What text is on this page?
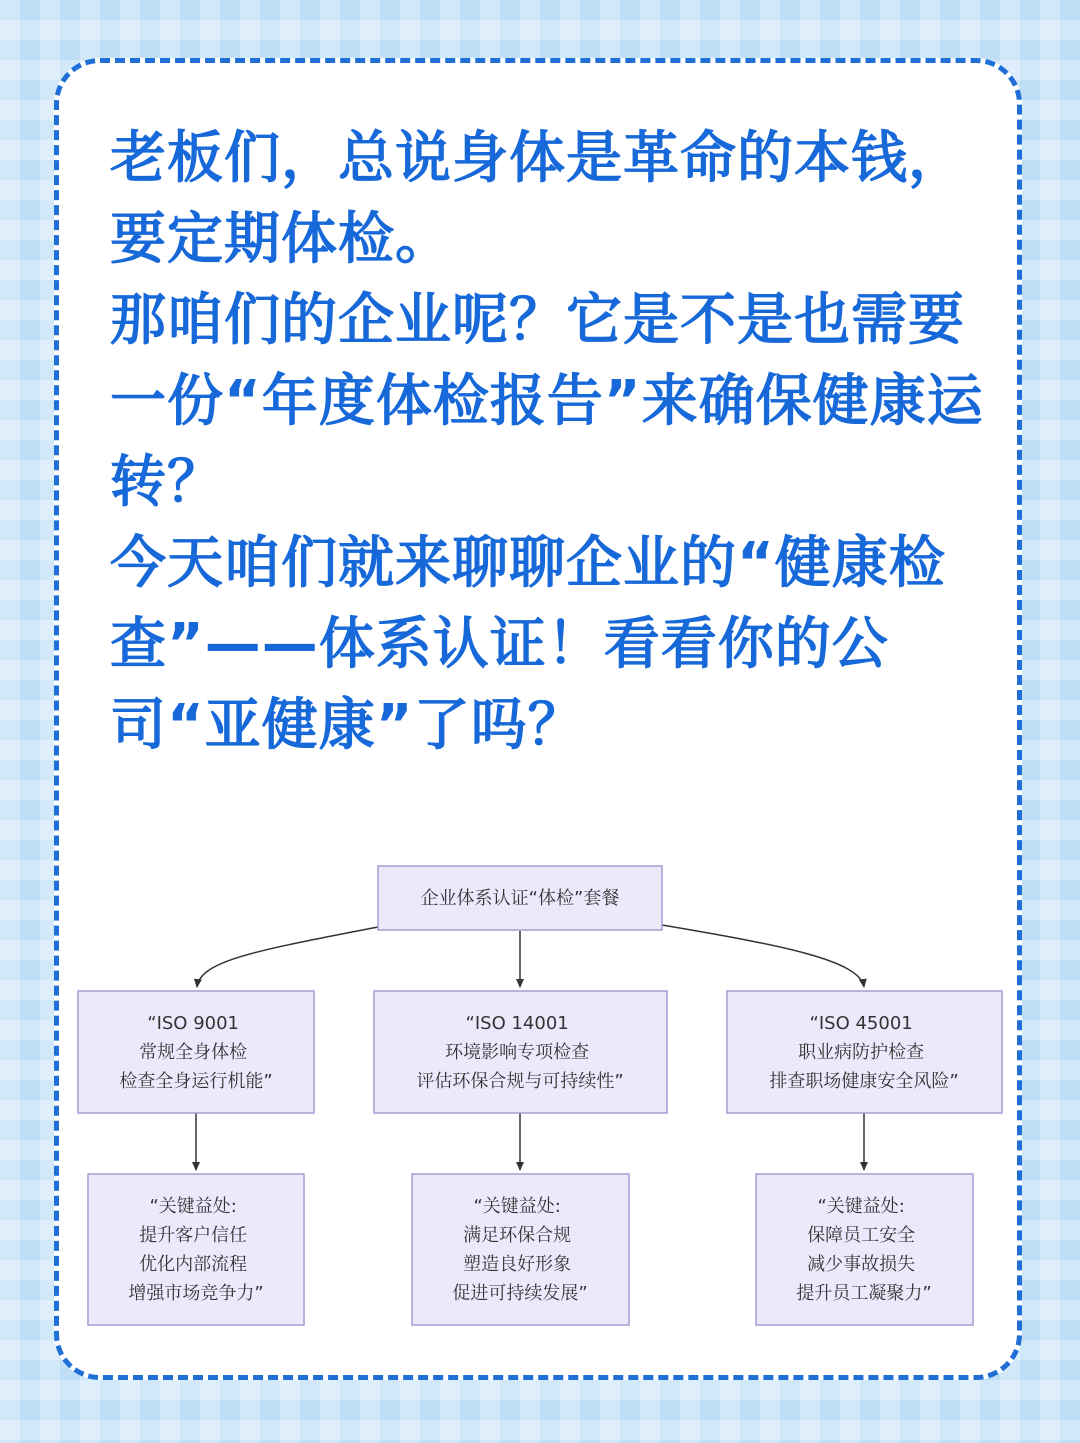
老板们，总说身体是革命的本钱，要定期体检。

那咱们的企业呢？它是不是也需要一份“年度体检报告”来确保健康运转？

今天咱们就来聊聊企业的“健康检查”——体系认证！看看你的公司“亚健康”了吗？

企业体系认证“体检”套餐
“ISO 9001 常规全身体检 检查全身运行机能”
“ISO 14001 环境影响专项检查 评估环保合规与可持续性”
“ISO 45001 职业病防护检查 排查职场健康安全风险”
“关键益处: 提升客户信任 优化内部流程 增强市场竞争力”
“关键益处: 满足环保合规 塑造良好形象 促进可持续发展”
“关键益处: 保障员工安全 减少事故损失 提升员工凝聚力”
